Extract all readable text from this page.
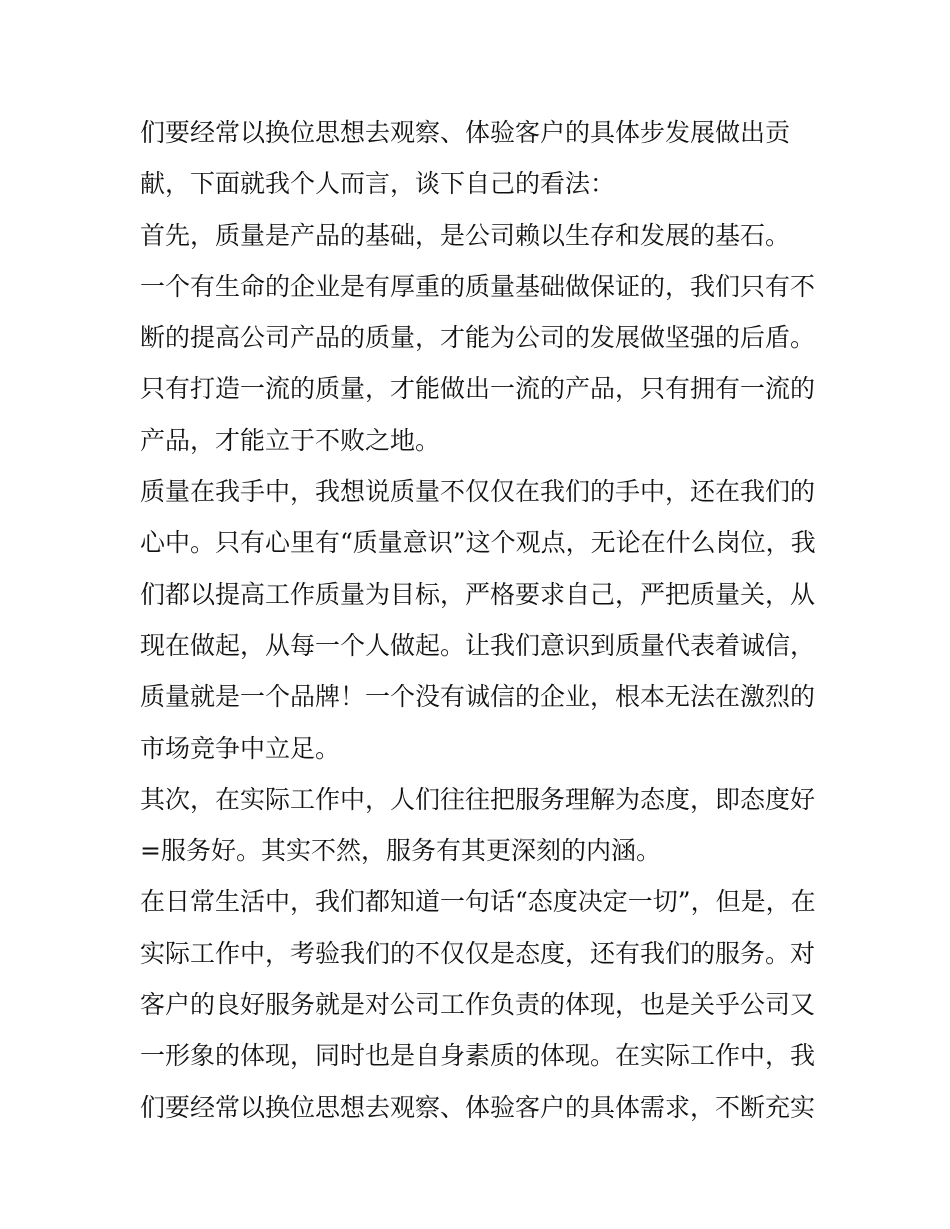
们要经常以换位思想去观察、体验客户的具体步发展做出贡
献，下面就我个人而言，谈下自己的看法：
首先，质量是产品的基础，是公司赖以生存和发展的基石。
一个有生命的企业是有厚重的质量基础做保证的，我们只有不
断的提高公司产品的质量，才能为公司的发展做坚强的后盾。
只有打造一流的质量，才能做出一流的产品，只有拥有一流的
产品，才能立于不败之地。
质量在我手中，我想说质量不仅仅在我们的手中，还在我们的
心中。只有心里有“质量意识”这个观点，无论在什么岗位，我
们都以提高工作质量为目标，严格要求自己，严把质量关，从
现在做起，从每一个人做起。让我们意识到质量代表着诚信，
质量就是一个品牌！一个没有诚信的企业，根本无法在激烈的
市场竞争中立足。
其次，在实际工作中，人们往往把服务理解为态度，即态度好
=服务好。其实不然，服务有其更深刻的内涵。
在日常生活中，我们都知道一句话“态度决定一切”，但是，在
实际工作中，考验我们的不仅仅是态度，还有我们的服务。对
客户的良好服务就是对公司工作负责的体现，也是关乎公司又
一形象的体现，同时也是自身素质的体现。在实际工作中，我
们要经常以换位思想去观察、体验客户的具体需求，不断充实
